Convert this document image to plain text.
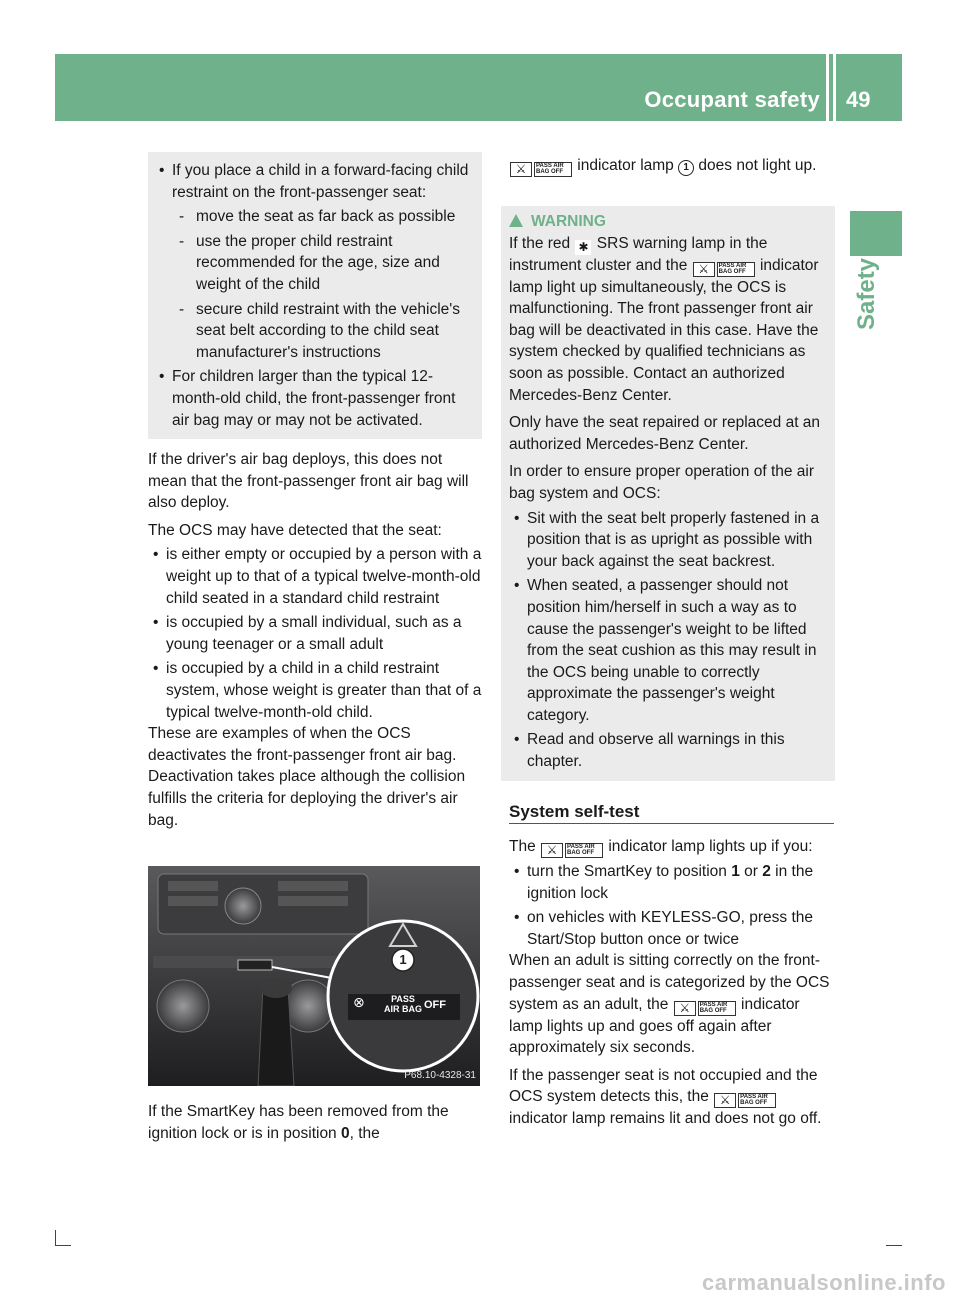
Occupant safety 49
Safety

• If you place a child in a forward-facing child restraint on the front-passenger seat:

- move the seat as far back as possible

- use the proper child restraint recommended for the age, size and weight of the child

- secure child restraint with the vehicle's seat belt according to the child seat manufacturer's instructions

• For children larger than the typical 12-month-old child, the front-passenger front air bag may or may not be activated.

If the driver's air bag deploys, this does not mean that the front-passenger front air bag will also deploy.

The OCS may have detected that the seat:

• is either empty or occupied by a person with a weight up to that of a typical twelve-month-old child seated in a standard child restraint

• is occupied by a small individual, such as a young teenager or a small adult

• is occupied by a child in a child restraint system, whose weight is greater than that of a typical twelve-month-old child.

These are examples of when the OCS deactivates the front-passenger front air bag. Deactivation takes place although the collision fulfills the criteria for deploying the driver's air bag.

1
PASS
AIR BAG OFF
⊗
P68.10-4328-31

If the SmartKey has been removed from the ignition lock or is in position 0, the

⚔ PASS AIR BAG OFF indicator lamp 1 does not light up.

WARNING

If the red ✱ SRS warning lamp in the instrument cluster and the ⚔ PASS AIR BAG OFF indicator lamp light up simultaneously, the OCS is malfunctioning. The front passenger front air bag will be deactivated in this case. Have the system checked by qualified technicians as soon as possible. Contact an authorized Mercedes-Benz Center.

Only have the seat repaired or replaced at an authorized Mercedes-Benz Center.

In order to ensure proper operation of the air bag system and OCS:

• Sit with the seat belt properly fastened in a position that is as upright as possible with your back against the seat backrest.

• When seated, a passenger should not position him/herself in such a way as to cause the passenger's weight to be lifted from the seat cushion as this may result in the OCS being unable to correctly approximate the passenger's weight category.

• Read and observe all warnings in this chapter.

System self-test

The ⚔ PASS AIR BAG OFF indicator lamp lights up if you:

• turn the SmartKey to position 1 or 2 in the ignition lock

• on vehicles with KEYLESS-GO, press the Start/Stop button once or twice

When an adult is sitting correctly on the front-passenger seat and is categorized by the OCS system as an adult, the ⚔ PASS AIR BAG OFF indicator lamp lights up and goes off again after approximately six seconds.

If the passenger seat is not occupied and the OCS system detects this, the ⚔ PASS AIR BAG OFF indicator lamp remains lit and does not go off.

carmanualsonline.info
